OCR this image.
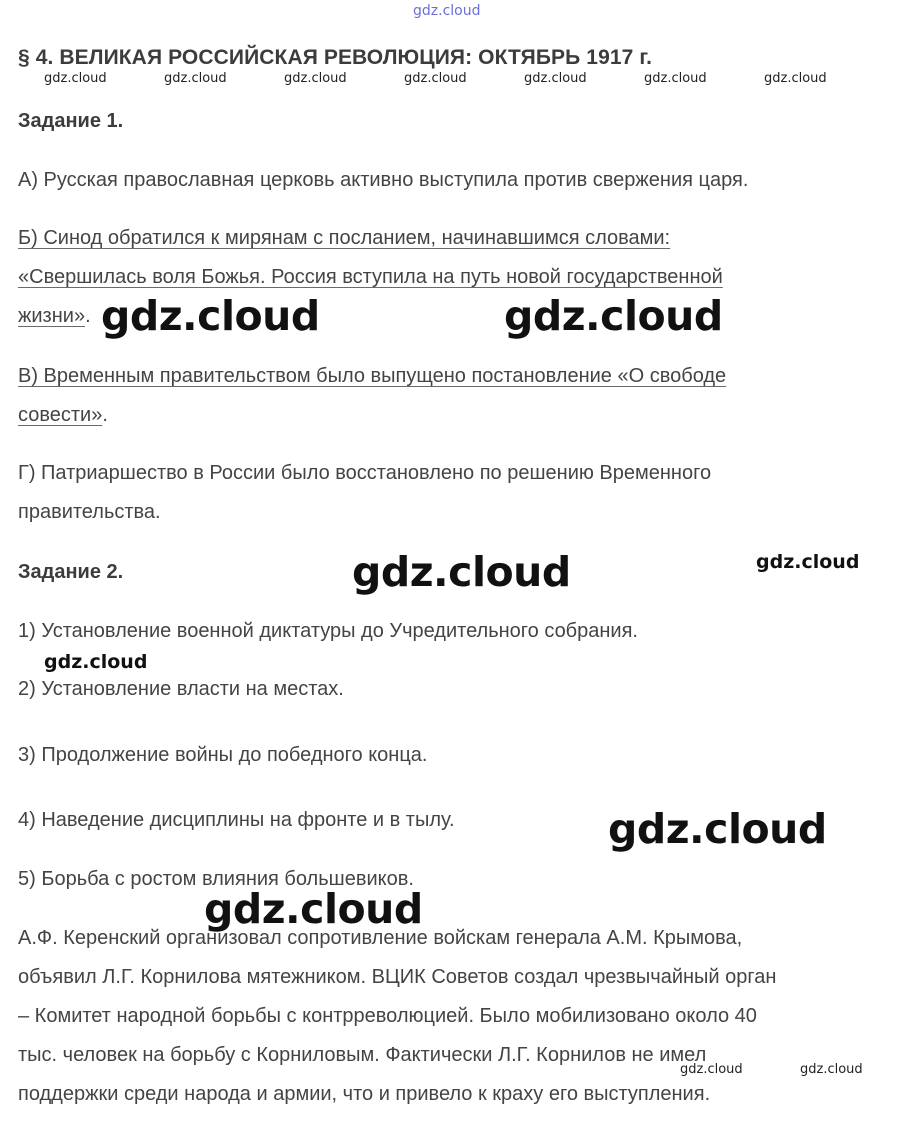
gdz.cloud
§ 4. ВЕЛИКАЯ РОССИЙСКАЯ РЕВОЛЮЦИЯ: ОКТЯБРЬ 1917 г.
gdz.cloud	gdz.cloud	gdz.cloud	gdz.cloud	gdz.cloud	gdz.cloud	gdz.cloud
Задание 1.
А) Русская православная церковь активно выступила против свержения царя.
Б) Синод обратился к мирянам с посланием, начинавшимся словами:
«Свершилась воля Божья. Россия вступила на путь новой государственной
жизни».
В) Временным правительством было выпущено постановление «О свободе
совести».
Г) Патриаршество в России было восстановлено по решению Временного
правительства.
Задание 2.
1) Установление военной диктатуры до Учредительного собрания.
2) Установление власти на местах.
3) Продолжение войны до победного конца.
4) Наведение дисциплины на фронте и в тылу.
5) Борьба с ростом влияния большевиков.
А.Ф. Керенский организовал сопротивление войскам генерала А.М. Крымова,
объявил Л.Г. Корнилова мятежником. ВЦИК Советов создал чрезвычайный орган
– Комитет народной борьбы с контрреволюцией. Было мобилизовано около 40
тыс. человек на борьбу с Корниловым. Фактически Л.Г. Корнилов не имел
поддержки среди народа и армии, что и привело к краху его выступления.
gdz.cloud	gdz.cloud
gdz.cloud
gdz.cloud
gdz.cloud
gdz.cloud
gdz.cloud
gdz.cloud	gdz.cloud
